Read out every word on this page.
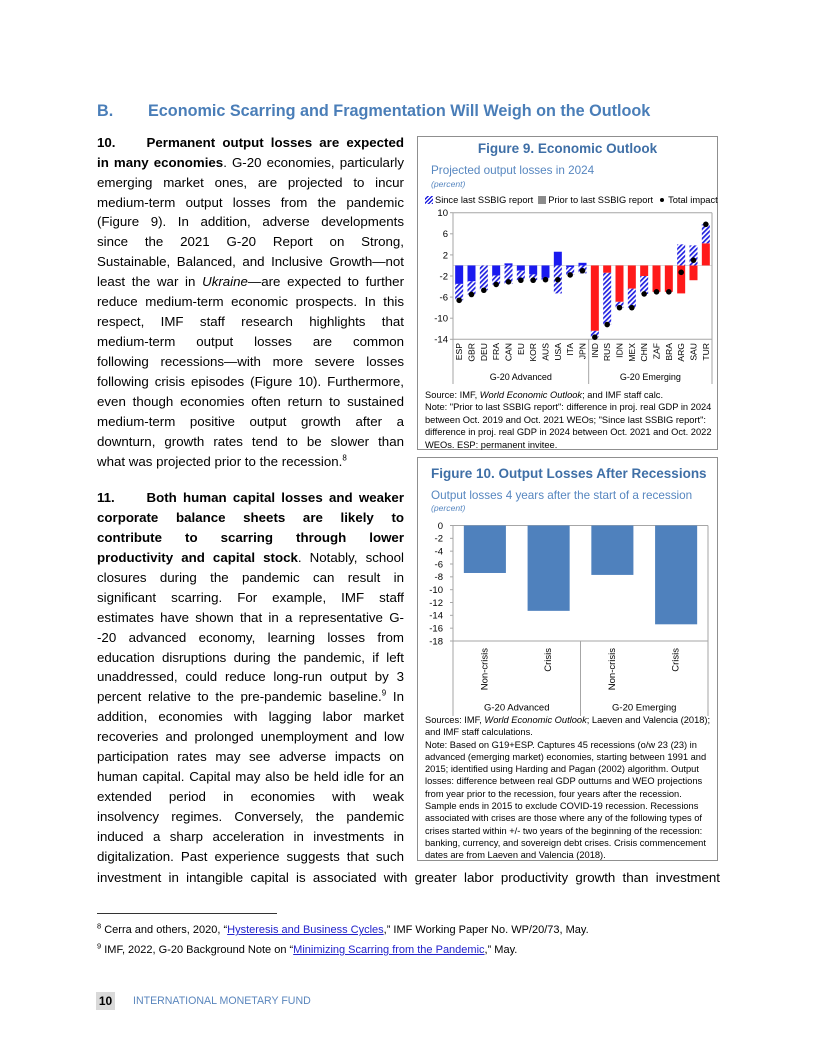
B. Economic Scarring and Fragmentation Will Weigh on the Outlook
10.	Permanent output losses are expected
in many economies. G-20 economies, particularly
emerging market ones, are projected to incur
medium-term output losses from the pandemic
(Figure 9). In addition, adverse developments
since the 2021 G-20 Report on Strong,
Sustainable, Balanced, and Inclusive Growth—not
least the war in Ukraine—are expected to further
reduce medium-term economic prospects. In this
respect, IMF staff research highlights that
medium-term output losses are common
following recessions—with more severe losses
following crisis episodes (Figure 10). Furthermore,
even though economies often return to sustained
medium-term positive output growth after a
downturn, growth rates tend to be slower than
what was projected prior to the recession.$^8$
11.	Both human capital losses and weaker
corporate balance sheets are likely to
contribute to scarring through lower
productivity and capital stock. Notably, school
closures during the pandemic can result in
significant scarring. For example, IMF staff
estimates have shown that in a representative G-
-20 advanced economy, learning losses from
education disruptions during the pandemic, if left
unaddressed, could reduce long-run output by 3
percent relative to the pre-pandemic baseline.$^9$ In
addition, economies with lagging labor market
recoveries and prolonged unemployment and low
participation rates may see adverse impacts on
human capital. Capital may also be held idle for an
extended period in economies with weak
insolvency regimes. Conversely, the pandemic
induced a sharp acceleration in investments in
digitalization. Past experience suggests that such
investment in intangible capital is associated with greater labor productivity growth than investment
10
6
2
-2
-6
-10
-14
G-20 Advanced	G-20 Emerging
ESP GBR DEU FRA CAN EU KOR AUS USA ITA JPN IND RUS IDN MEX CHN ZAF BRA ARG SAU TUR
Figure 9. Economic Outlook
Projected output losses in 2024
(percent)
Since last SSBIG report Prior to last SSBIG report Total impact
Source: IMF, World Economic Outlook; and IMF staff calc.
Note: "Prior to last SSBIG report": difference in proj. real GDP in 2024
between Oct. 2019 and Oct. 2021 WEOs; "Since last SSBIG report":
difference in proj. real GDP in 2024 between Oct. 2021 and Oct. 2022
WEOs. ESP: permanent invitee.
0
-2
-4
-6
-8
-10
-12
-14
-16
-18
G-20 Advanced	G-20 Emerging
Non-crisis	Crisis	Non-crisis	Crisis
Figure 10. Output Losses After Recessions
Output losses 4 years after the start of a recession
(percent)
Sources: IMF, World Economic Outlook; Laeven and Valencia (2018);
and IMF staff calculations.
Note: Based on G19+ESP. Captures 45 recessions (o/w 23 (23) in
advanced (emerging market) economies, starting between 1991 and
2015; identified using Harding and Pagan (2002) algorithm. Output
losses: difference between real GDP outturns and WEO projections
from year prior to the recession, four years after the recession.
Sample ends in 2015 to exclude COVID-19 recession. Recessions
associated with crises are those where any of the following types of
crises started within +/- two years of the beginning of the recession:
banking, currency, and sovereign debt crises. Crisis commencement
dates are from Laeven and Valencia (2018).
$^8$ Cerra and others, 2020, “Hysteresis and Business Cycles,” IMF Working Paper No. WP/20/73, May.
$^9$ IMF, 2022, G-20 Background Note on “Minimizing Scarring from the Pandemic,” May.
10 INTERNATIONAL MONETARY FUND
